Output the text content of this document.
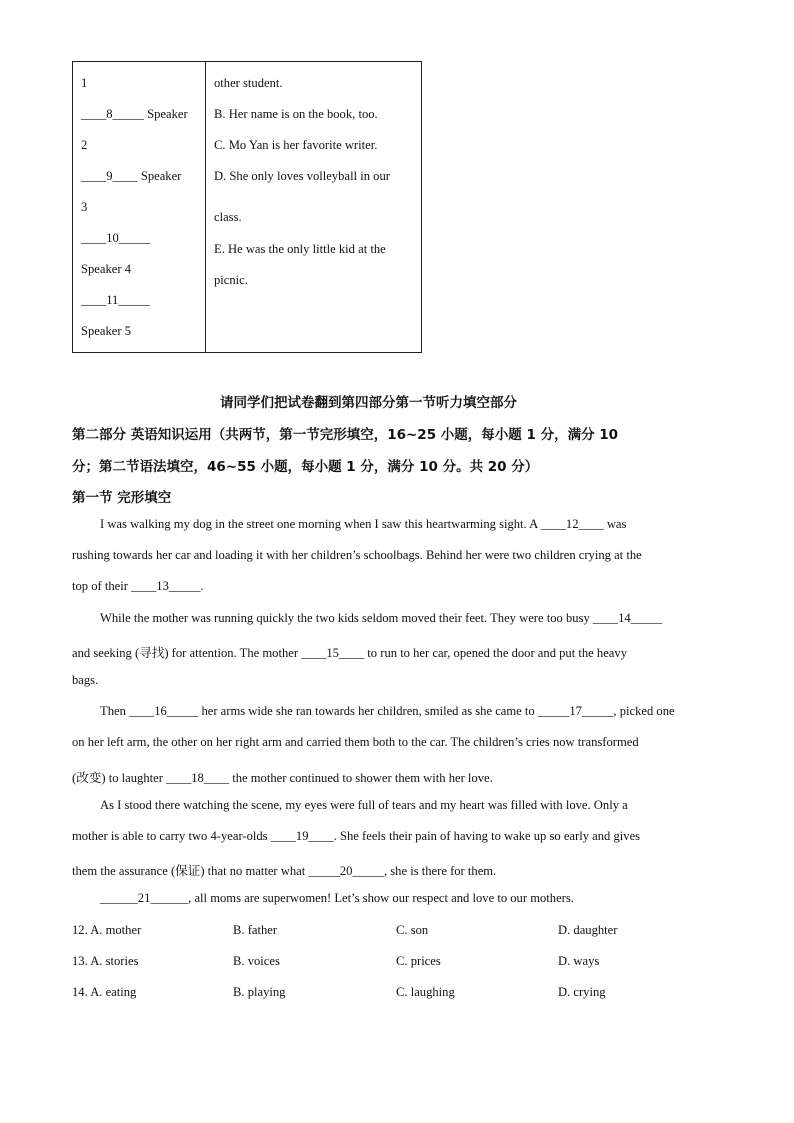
1
____8_____ Speaker
2
____9____ Speaker
3
____10_____
Speaker 4
____11_____
Speaker 5

other student.
B. Her name is on the book, too.
C. Mo Yan is her favorite writer.
D. She only loves volleyball in our
class.
E. He was the only little kid at the
picnic.
请同学们把试卷翻到第四部分第一节听力填空部分
第二部分 英语知识运用（共两节，第一节完形填空，16~25 小题，每小题 1 分，满分 10
分；第二节语法填空，46~55 小题，每小题 1 分，满分 10 分。共 20 分）
第一节 完形填空
I was walking my dog in the street one morning when I saw this heartwarming sight. A ____12____ was
rushing towards her car and loading it with her children’s schoolbags. Behind her were two children crying at the
top of their ____13_____.
While the mother was running quickly the two kids seldom moved their feet. They were too busy ____14_____
and seeking (寻找) for attention. The mother ____15____ to run to her car, opened the door and put the heavy
bags.
Then ____16_____ her arms wide she ran towards her children, smiled as she came to _____17_____, picked one
on her left arm, the other on her right arm and carried them both to the car. The children’s cries now transformed
(改变) to laughter ____18____ the mother continued to shower them with her love.
As I stood there watching the scene, my eyes were full of tears and my heart was filled with love. Only a
mother is able to carry two 4-year-olds ____19____. She feels their pain of having to wake up so early and gives
them the assurance (保证) that no matter what _____20_____, she is there for them.
______21______, all moms are superwomen! Let’s show our respect and love to our mothers.
12. A. mother	B. father	C. son	D. daughter
13. A. stories	B. voices	C. prices	D. ways
14. A. eating	B. playing	C. laughing	D. crying
